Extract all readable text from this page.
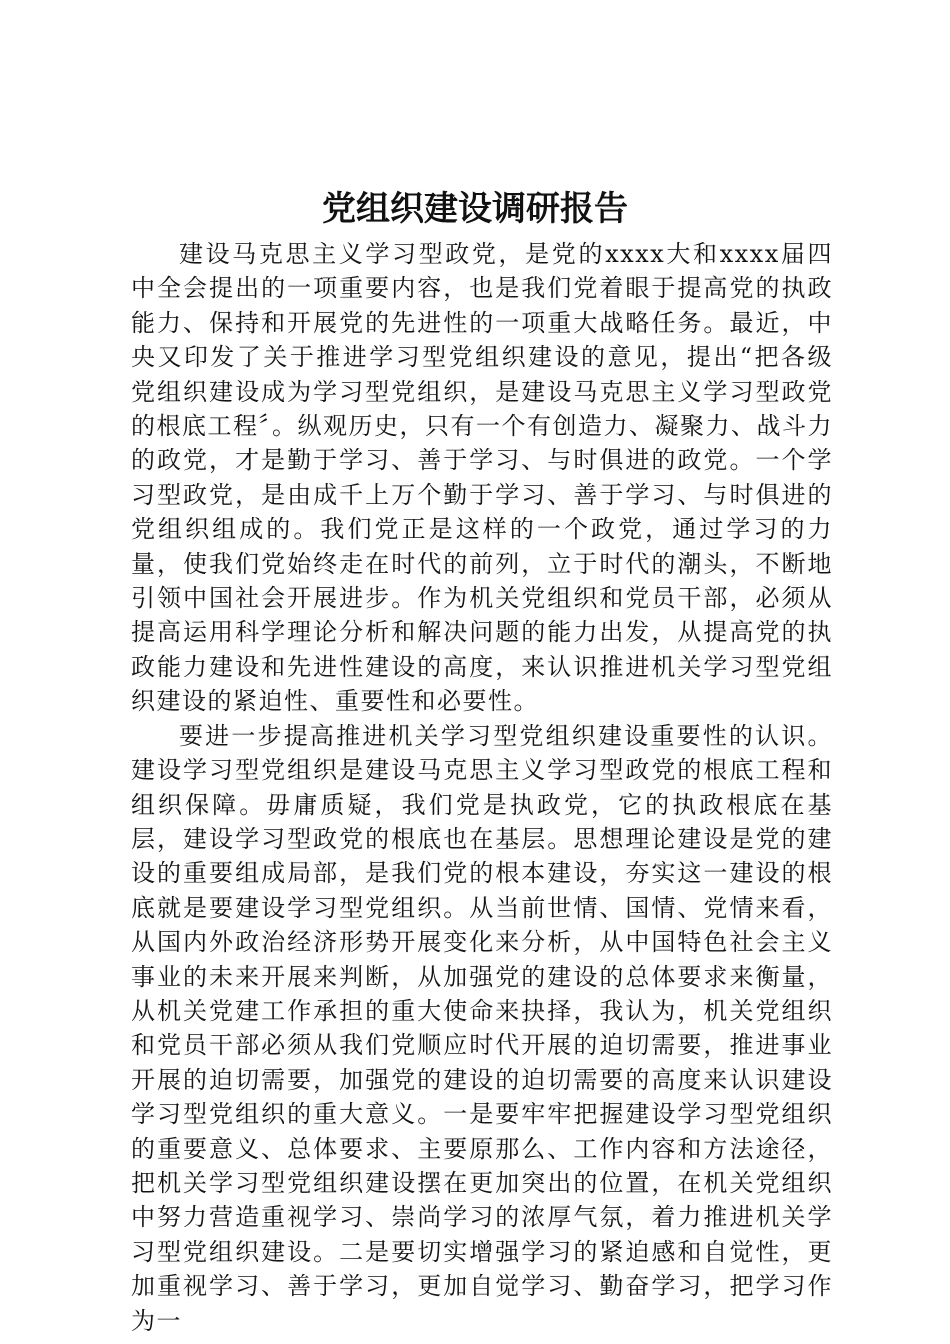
党组织建设调研报告

建设马克思主义学习型政党，是党的xxxx大和xxxx届四中全会提出的一项重要内容，也是我们党着眼于提高党的执政能力、保持和开展党的先进性的一项重大战略任务。最近，中央又印发了关于推进学习型党组织建设的意见，提出“把各级党组织建设成为学习型党组织，是建设马克思主义学习型政党的根底工程〞。纵观历史，只有一个有创造力、凝聚力、战斗力的政党，才是勤于学习、善于学习、与时俱进的政党。一个学习型政党，是由成千上万个勤于学习、善于学习、与时俱进的党组织组成的。我们党正是这样的一个政党，通过学习的力量，使我们党始终走在时代的前列，立于时代的潮头，不断地引领中国社会开展进步。作为机关党组织和党员干部，必须从提高运用科学理论分析和解决问题的能力出发，从提高党的执政能力建设和先进性建设的高度，来认识推进机关学习型党组织建设的紧迫性、重要性和必要性。

要进一步提高推进机关学习型党组织建设重要性的认识。建设学习型党组织是建设马克思主义学习型政党的根底工程和组织保障。毋庸质疑，我们党是执政党，它的执政根底在基层，建设学习型政党的根底也在基层。思想理论建设是党的建设的重要组成局部，是我们党的根本建设，夯实这一建设的根底就是要建设学习型党组织。从当前世情、国情、党情来看，从国内外政治经济形势开展变化来分析，从中国特色社会主义事业的未来开展来判断，从加强党的建设的总体要求来衡量，从机关党建工作承担的重大使命来抉择，我认为，机关党组织和党员干部必须从我们党顺应时代开展的迫切需要，推进事业开展的迫切需要，加强党的建设的迫切需要的高度来认识建设学习型党组织的重大意义。一是要牢牢把握建设学习型党组织的重要意义、总体要求、主要原那么、工作内容和方法途径，把机关学习型党组织建设摆在更加突出的位置，在机关党组织中努力营造重视学习、崇尚学习的浓厚气氛，着力推进机关学习型党组织建设。二是要切实增强学习的紧迫感和自觉性，更加重视学习、善于学习，更加自觉学习、勤奋学习，把学习作为一
